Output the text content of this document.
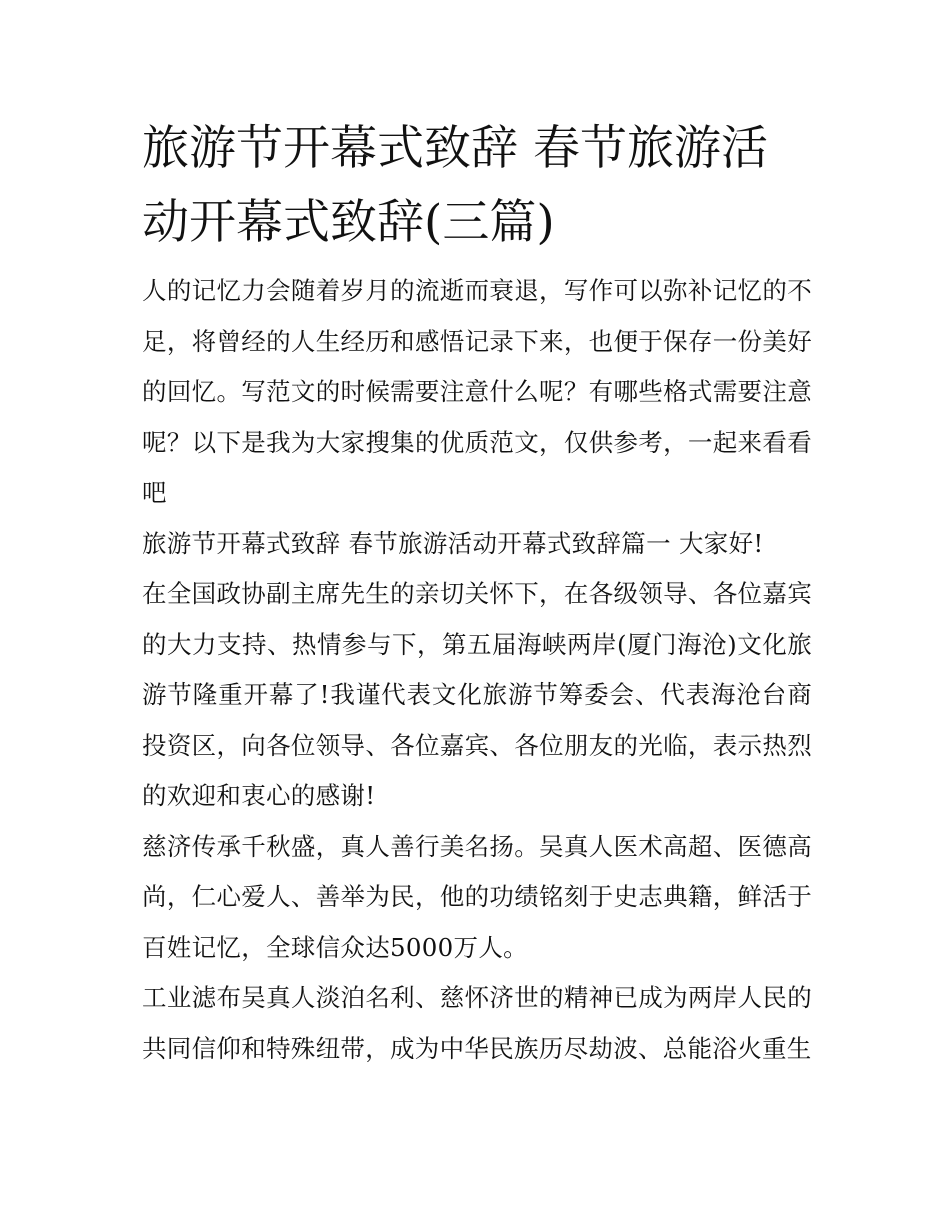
旅游节开幕式致辞 春节旅游活动开幕式致辞(三篇)

人的记忆力会随着岁月的流逝而衰退，写作可以弥补记忆的不足，将曾经的人生经历和感悟记录下来，也便于保存一份美好的回忆。写范文的时候需要注意什么呢？有哪些格式需要注意呢？以下是我为大家搜集的优质范文，仅供参考，一起来看看吧

旅游节开幕式致辞 春节旅游活动开幕式致辞篇一 大家好!

在全国政协副主席先生的亲切关怀下，在各级领导、各位嘉宾的大力支持、热情参与下，第五届海峡两岸(厦门海沧)文化旅游节隆重开幕了!我谨代表文化旅游节筹委会、代表海沧台商投资区，向各位领导、各位嘉宾、各位朋友的光临，表示热烈的欢迎和衷心的感谢!

慈济传承千秋盛，真人善行美名扬。吴真人医术高超、医德高尚，仁心爱人、善举为民，他的功绩铭刻于史志典籍，鲜活于百姓记忆，全球信众达5000万人。

工业滤布吴真人淡泊名利、慈怀济世的精神已成为两岸人民的共同信仰和特殊纽带，成为中华民族历尽劫波、总能浴火重生
